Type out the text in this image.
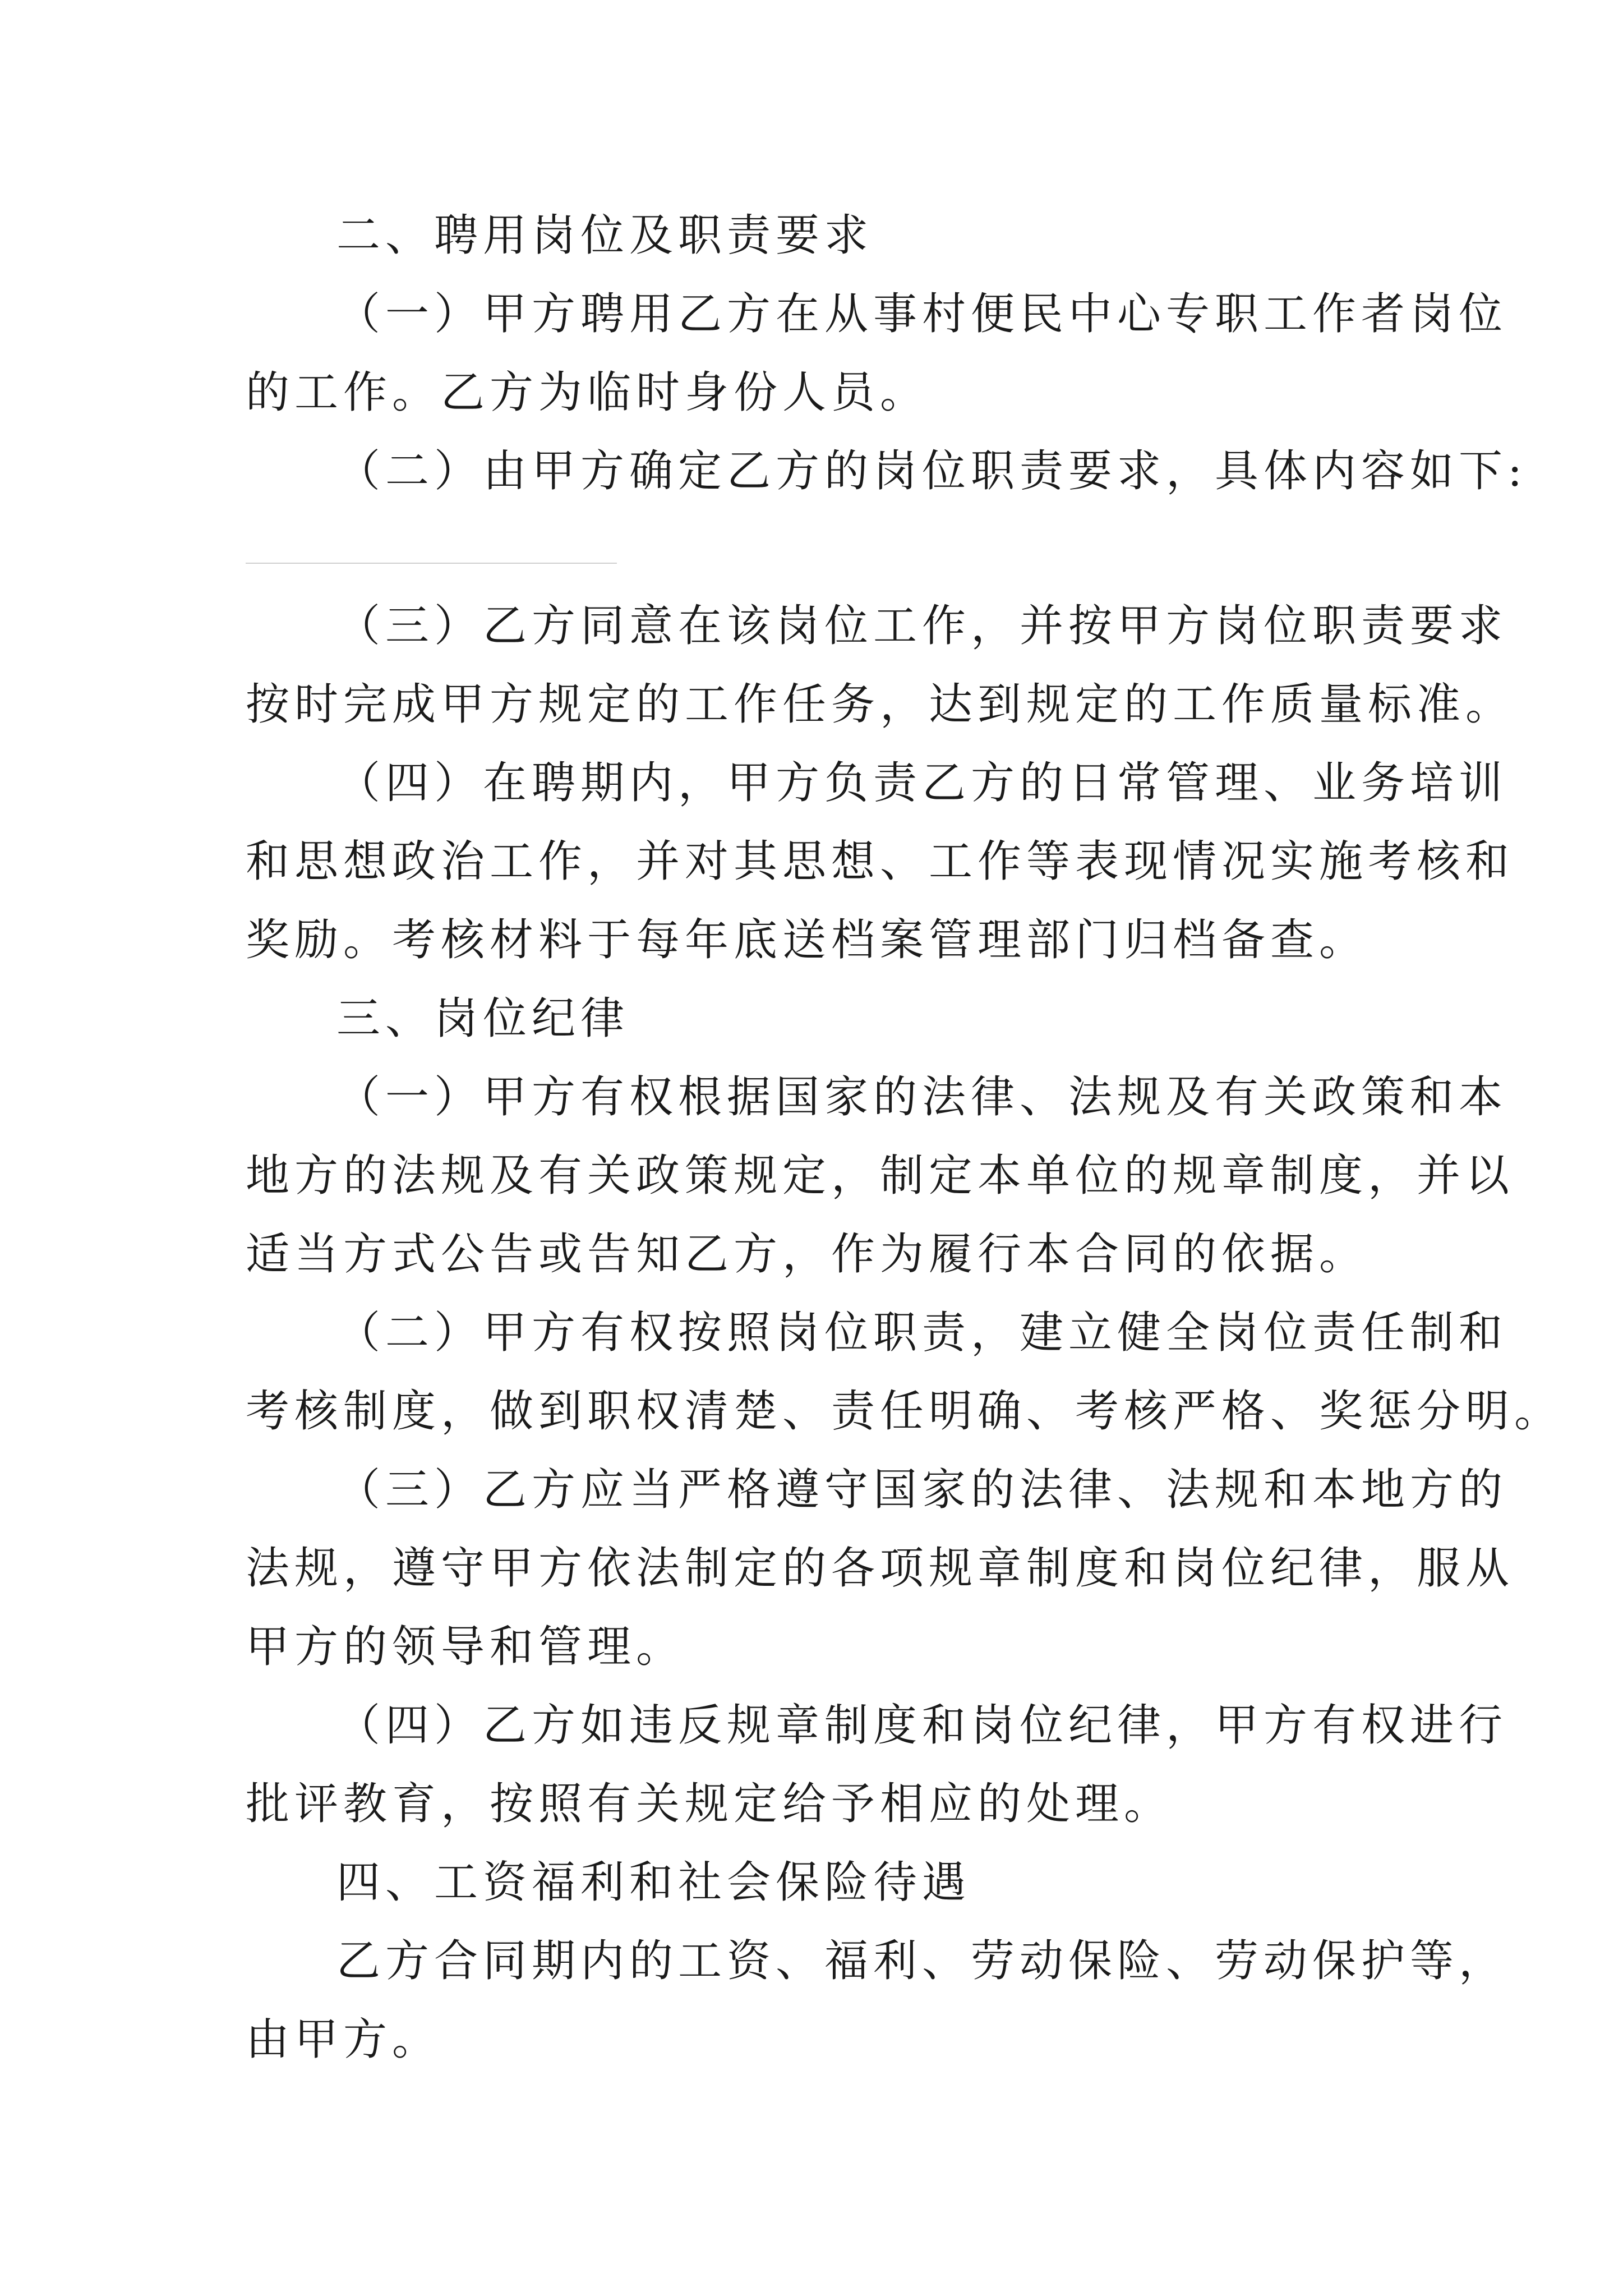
二、聘用岗位及职责要求

（一）甲方聘用乙方在从事村便民中心专职工作者岗位

的工作。乙方为临时身份人员。

（二）由甲方确定乙方的岗位职责要求，具体内容如下:

（三）乙方同意在该岗位工作，并按甲方岗位职责要求

按时完成甲方规定的工作任务，达到规定的工作质量标准。

（四）在聘期内，甲方负责乙方的日常管理、业务培训

和思想政治工作，并对其思想、工作等表现情况实施考核和

奖励。考核材料于每年底送档案管理部门归档备查。

三、岗位纪律

（一）甲方有权根据国家的法律、法规及有关政策和本

地方的法规及有关政策规定，制定本单位的规章制度，并以

适当方式公告或告知乙方，作为履行本合同的依据。

（二）甲方有权按照岗位职责，建立健全岗位责任制和

考核制度，做到职权清楚、责任明确、考核严格、奖惩分明。

（三）乙方应当严格遵守国家的法律、法规和本地方的

法规，遵守甲方依法制定的各项规章制度和岗位纪律，服从

甲方的领导和管理。

（四）乙方如违反规章制度和岗位纪律，甲方有权进行

批评教育，按照有关规定给予相应的处理。

四、工资福利和社会保险待遇

乙方合同期内的工资、福利、劳动保险、劳动保护等，

由甲方。
